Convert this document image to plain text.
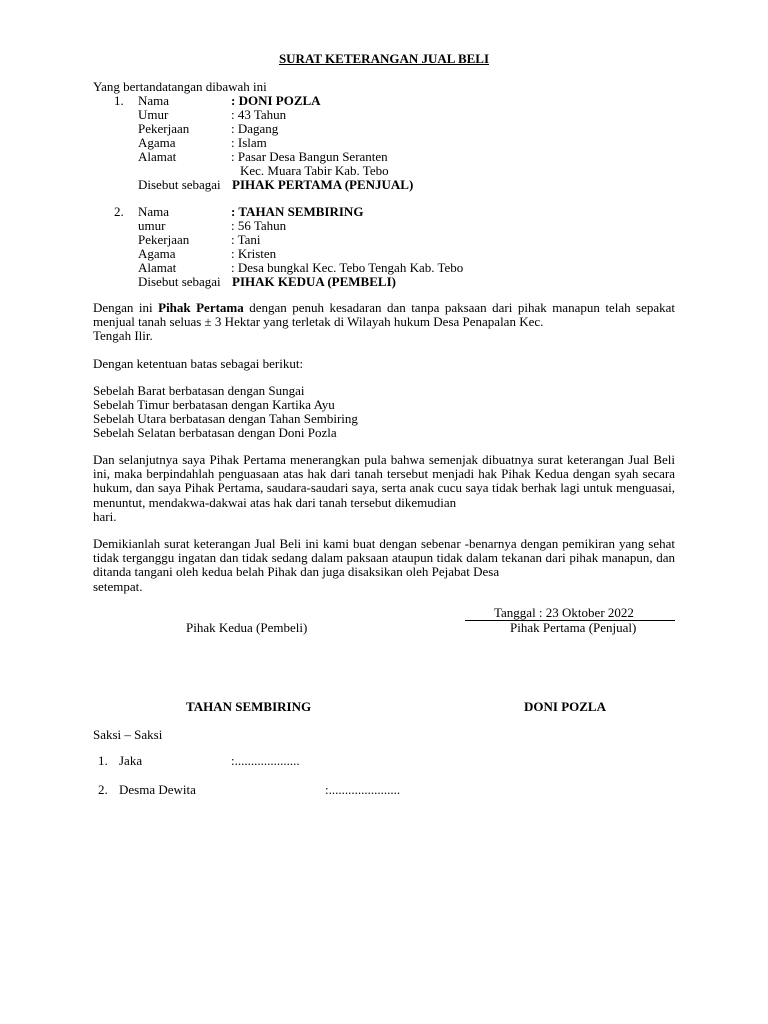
SURAT KETERANGAN JUAL BELI
Yang bertandatangan dibawah ini
1. Nama	: DONI POZLA
Umur	: 43 Tahun
Pekerjaan	: Dagang
Agama	: Islam
Alamat	: Pasar Desa Bangun Seranten
Kec. Muara Tabir Kab. Tebo
Disebut sebagai PIHAK PERTAMA (PENJUAL)
2. Nama	: TAHAN SEMBIRING
umur	: 56 Tahun
Pekerjaan	: Tani
Agama	: Kristen
Alamat	: Desa bungkal Kec. Tebo Tengah Kab. Tebo
Disebut sebagai PIHAK KEDUA (PEMBELI)
Dengan ini Pihak Pertama dengan penuh kesadaran dan tanpa paksaan dari pihak manapun telah sepakat menjual tanah seluas ± 3 Hektar yang terletak di Wilayah hukum Desa Penapalan Kec.
Tengah Ilir.
Dengan ketentuan batas sebagai berikut:
Sebelah Barat berbatasan dengan Sungai
Sebelah Timur berbatasan dengan Kartika Ayu
Sebelah Utara berbatasan dengan Tahan Sembiring
Sebelah Selatan berbatasan dengan Doni Pozla
Dan selanjutnya saya Pihak Pertama menerangkan pula bahwa semenjak dibuatnya surat keterangan Jual Beli ini, maka berpindahlah penguasaan atas hak dari tanah tersebut menjadi hak Pihak Kedua dengan syah secara hukum, dan saya Pihak Pertama, saudara-saudari saya, serta anak cucu saya tidak berhak lagi untuk menguasai, menuntut, mendakwa-dakwai atas hak dari tanah tersebut dikemudian
hari.
Demikianlah surat keterangan Jual Beli ini kami buat dengan sebenar -benarnya dengan pemikiran yang sehat tidak terganggu ingatan dan tidak sedang dalam paksaan ataupun tidak dalam tekanan dari pihak manapun, dan ditanda tangani oleh kedua belah Pihak dan juga disaksikan oleh Pejabat Desa
setempat.
Tanggal : 23 Oktober 2022
Pihak Kedua (Pembeli)	Pihak Pertama (Penjual)
TAHAN SEMBIRING	DONI POZLA
Saksi – Saksi
1. Jaka	:....................
2. Desma Dewita	:......................
